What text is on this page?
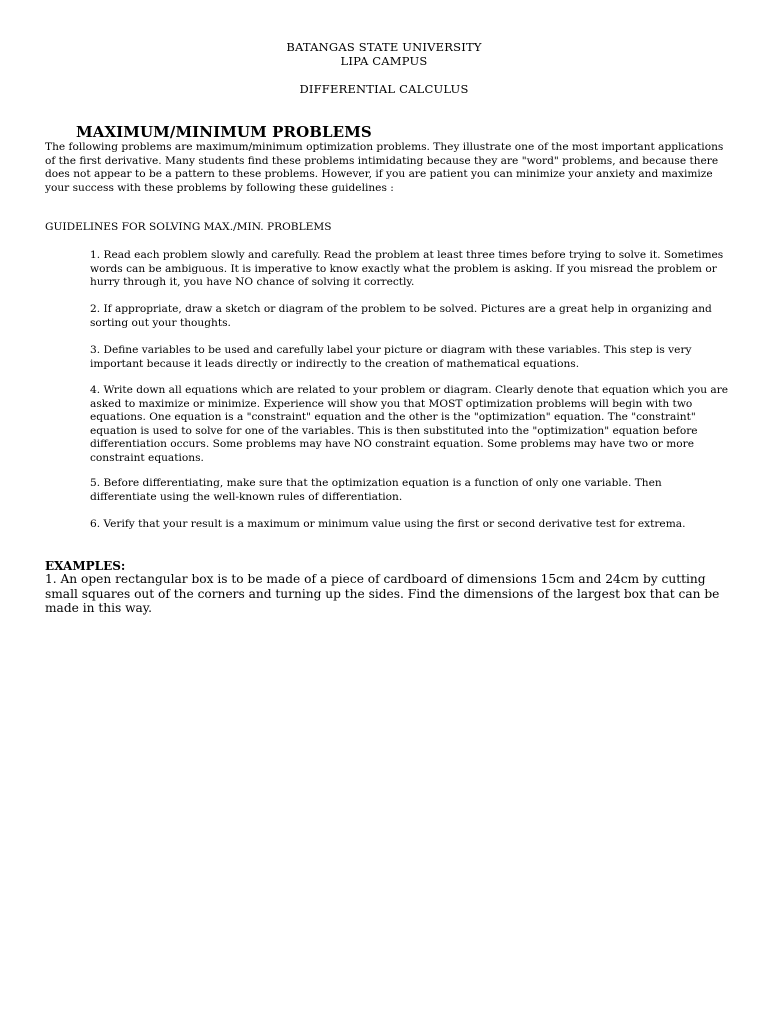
BATANGAS STATE UNIVERSITY
LIPA CAMPUS
DIFFERENTIAL CALCULUS
MAXIMUM/MINIMUM PROBLEMS

The following problems are maximum/minimum optimization problems. They illustrate one of the most important applications of the first derivative. Many students find these problems intimidating because they are "word" problems, and because there does not appear to be a pattern to these problems. However, if you are patient you can minimize your anxiety and maximize your success with these problems by following these guidelines :

GUIDELINES FOR SOLVING MAX./MIN. PROBLEMS

1. Read each problem slowly and carefully. Read the problem at least three times before trying to solve it. Sometimes words can be ambiguous. It is imperative to know exactly what the problem is asking. If you misread the problem or hurry through it, you have NO chance of solving it correctly.

2. If appropriate, draw a sketch or diagram of the problem to be solved. Pictures are a great help in organizing and sorting out your thoughts.

3. Define variables to be used and carefully label your picture or diagram with these variables. This step is very important because it leads directly or indirectly to the creation of mathematical equations.

4. Write down all equations which are related to your problem or diagram. Clearly denote that equation which you are asked to maximize or minimize. Experience will show you that MOST optimization problems will begin with two equations. One equation is a "constraint" equation and the other is the "optimization" equation. The "constraint" equation is used to solve for one of the variables. This is then substituted into the "optimization" equation before differentiation occurs. Some problems may have NO constraint equation. Some problems may have two or more constraint equations.

5. Before differentiating, make sure that the optimization equation is a function of only one variable. Then differentiate using the well-known rules of differentiation.

6. Verify that your result is a maximum or minimum value using the first or second derivative test for extrema.

EXAMPLES:

1. An open rectangular box is to be made of a piece of cardboard of dimensions 15cm and 24cm by cutting small squares out of the corners and turning up the sides. Find the dimensions of the largest box that can be made in this way.
